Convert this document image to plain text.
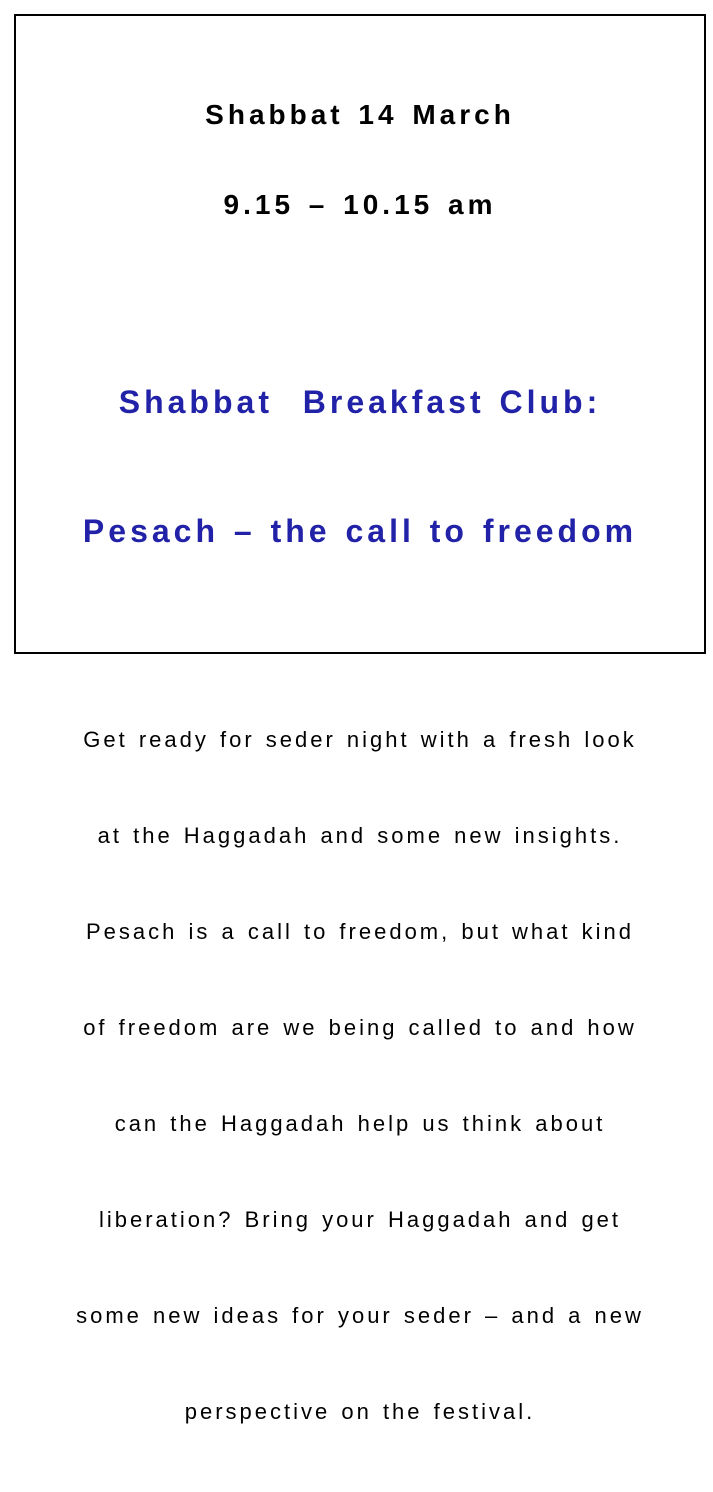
Shabbat 14 March

9.15 – 10.15 am

Shabbat  Breakfast Club:

Pesach – the call to freedom

Get ready for seder night with a fresh look

at the Haggadah and some new insights.

Pesach is a call to freedom, but what kind

of freedom are we being called to and how

can the Haggadah help us think about

liberation? Bring your Haggadah and get

some new ideas for your seder – and a new

perspective on the festival.
